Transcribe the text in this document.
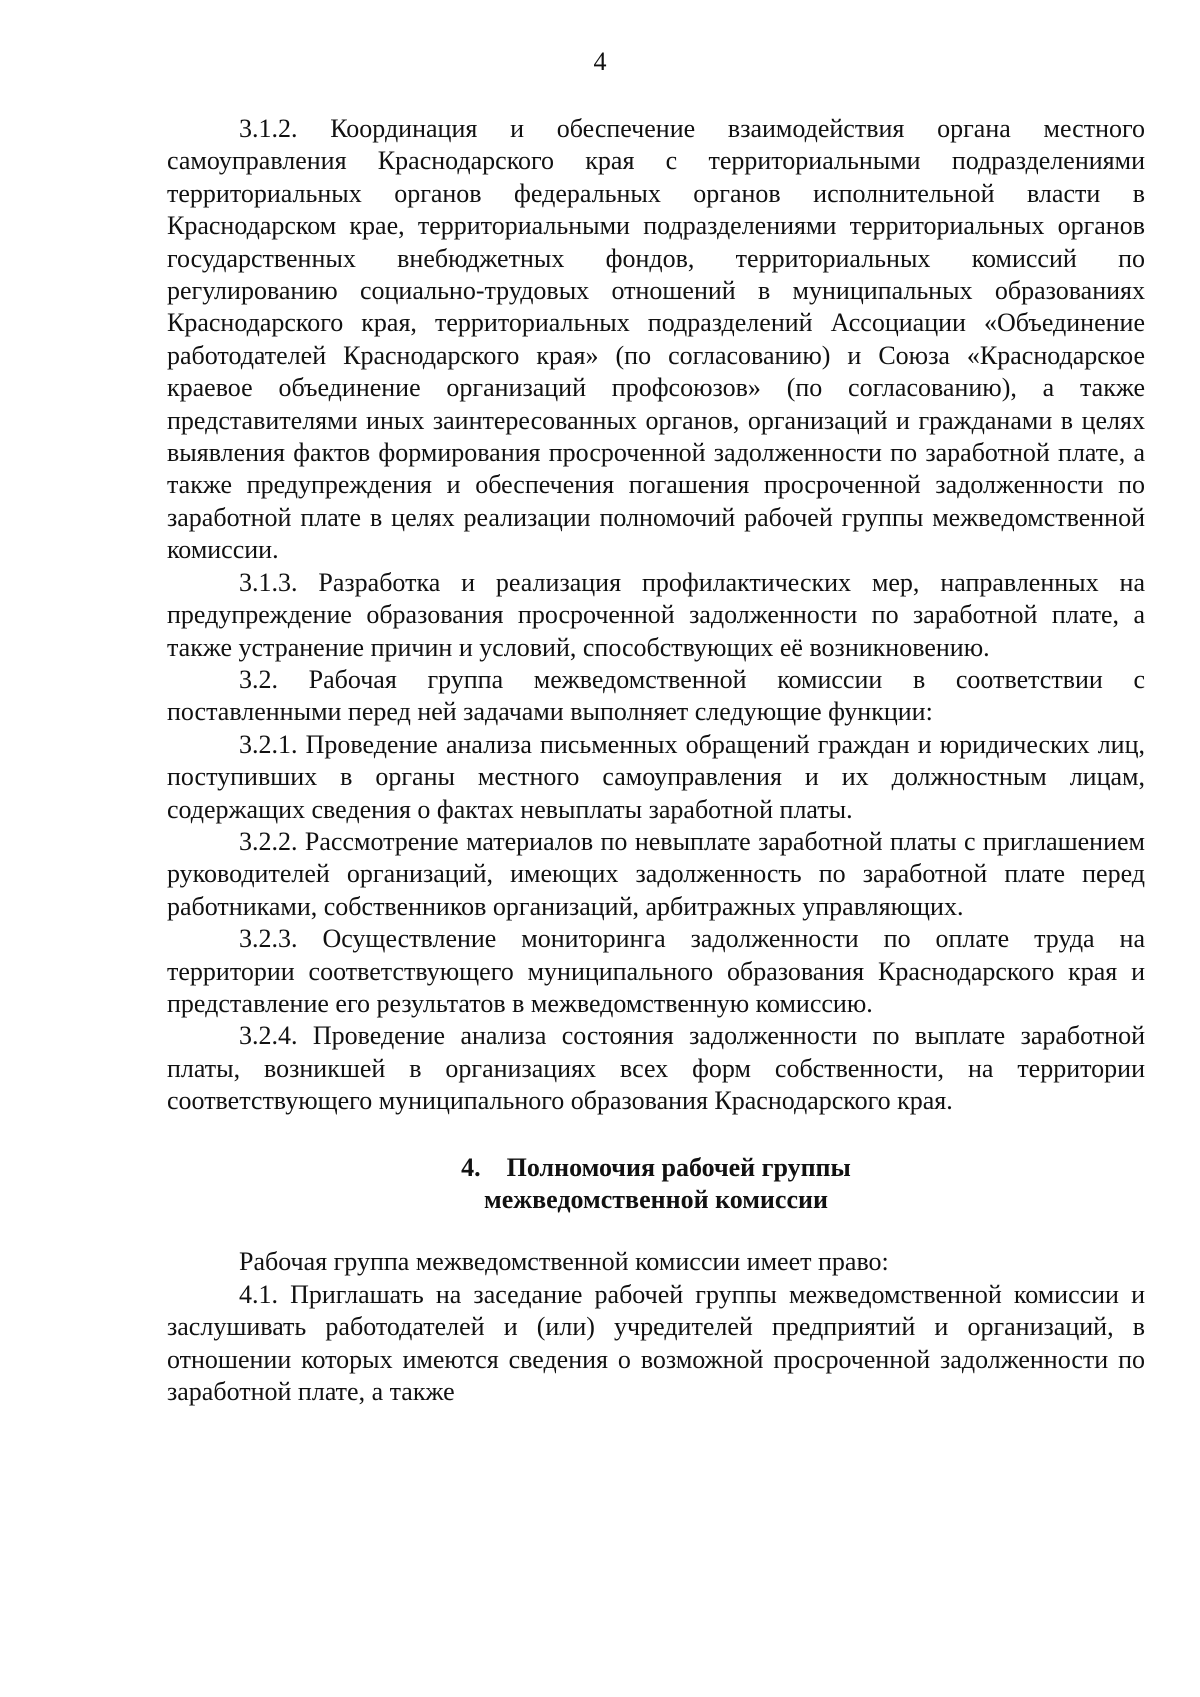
4

3.1.2. Координация и обеспечение взаимодействия органа местного самоуправления Краснодарского края с территориальными подразделениями территориальных органов федеральных органов исполнительной власти в Краснодарском крае, территориальными подразделениями территориальных органов государственных внебюджетных фондов, территориальных комиссий по регулированию социально-трудовых отношений в муниципальных образованиях Краснодарского края, территориальных подразделений Ассоциации «Объединение работодателей Краснодарского края» (по согласованию) и Союза «Краснодарское краевое объединение организаций профсоюзов» (по согласованию), а также представителями иных заинтересованных органов, организаций и гражданами в целях выявления фактов формирования просроченной задолженности по заработной плате, а также предупреждения и обеспечения погашения просроченной задолженности по заработной плате в целях реализации полномочий рабочей группы межведомственной комиссии.

3.1.3. Разработка и реализация профилактических мер, направленных на предупреждение образования просроченной задолженности по заработной плате, а также устранение причин и условий, способствующих её возникновению.

3.2. Рабочая группа межведомственной комиссии в соответствии с поставленными перед ней задачами выполняет следующие функции:

3.2.1. Проведение анализа письменных обращений граждан и юридических лиц, поступивших в органы местного самоуправления и их должностным лицам, содержащих сведения о фактах невыплаты заработной платы.

3.2.2. Рассмотрение материалов по невыплате заработной платы с приглашением руководителей организаций, имеющих задолженность по заработной плате перед работниками, собственников организаций, арбитражных управляющих.

3.2.3. Осуществление мониторинга задолженности по оплате труда на территории соответствующего муниципального образования Краснодарского края и представление его результатов в межведомственную комиссию.

3.2.4. Проведение анализа состояния задолженности по выплате заработной платы, возникшей в организациях всех форм собственности, на территории соответствующего муниципального образования Краснодарского края.

4. Полномочия рабочей группы

межведомственной комиссии

Рабочая группа межведомственной комиссии имеет право:

4.1. Приглашать на заседание рабочей группы межведомственной комиссии и заслушивать работодателей и (или) учредителей предприятий и организаций, в отношении которых имеются сведения о возможной просроченной задолженности по заработной плате, а также
